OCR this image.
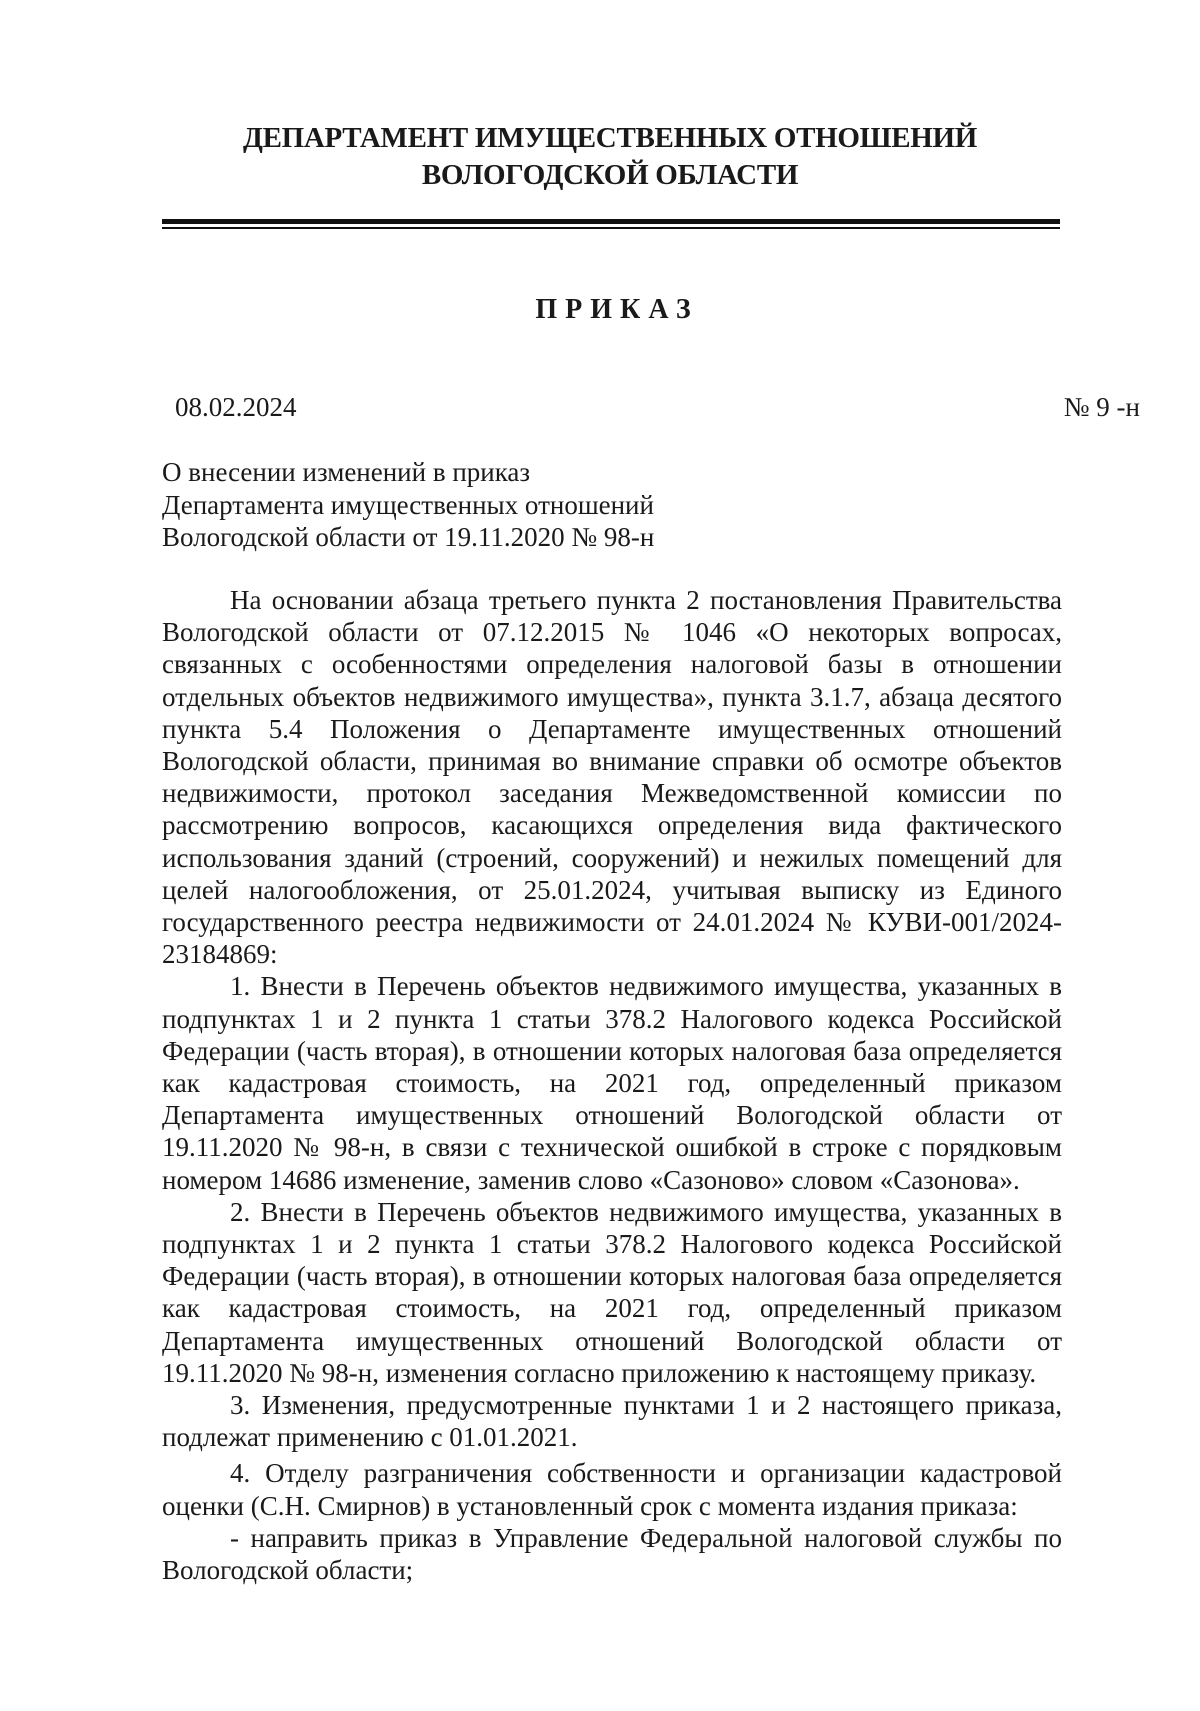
ДЕПАРТАМЕНТ ИМУЩЕСТВЕННЫХ ОТНОШЕНИЙ
ВОЛОГОДСКОЙ ОБЛАСТИ
ПРИКАЗ
08.02.2024	№ 9 -н
О внесении изменений в приказ
Департамента имущественных отношений
Вологодской области от 19.11.2020 № 98-н

На основании абзаца третьего пункта 2 постановления Правительства Вологодской области от 07.12.2015 № 1046 «О некоторых вопросах, связанных с особенностями определения налоговой базы в отношении отдельных объектов недвижимого имущества», пункта 3.1.7, абзаца десятого пункта 5.4 Положения о Департаменте имущественных отношений Вологодской области, принимая во внимание справки об осмотре объектов недвижимости, протокол заседания Межведомственной комиссии по рассмотрению вопросов, касающихся определения вида фактического использования зданий (строений, сооружений) и нежилых помещений для целей налогообложения, от 25.01.2024, учитывая выписку из Единого государственного реестра недвижимости от 24.01.2024 № КУВИ-001/2024-23184869:

1. Внести в Перечень объектов недвижимого имущества, указанных в подпунктах 1 и 2 пункта 1 статьи 378.2 Налогового кодекса Российской Федерации (часть вторая), в отношении которых налоговая база определяется как кадастровая стоимость, на 2021 год, определенный приказом Департамента имущественных отношений Вологодской области от 19.11.2020 № 98-н, в связи с технической ошибкой в строке с порядковым номером 14686 изменение, заменив слово «Сазоново» словом «Сазонова».

2. Внести в Перечень объектов недвижимого имущества, указанных в подпунктах 1 и 2 пункта 1 статьи 378.2 Налогового кодекса Российской Федерации (часть вторая), в отношении которых налоговая база определяется как кадастровая стоимость, на 2021 год, определенный приказом Департамента имущественных отношений Вологодской области от 19.11.2020 № 98-н, изменения согласно приложению к настоящему приказу.

3. Изменения, предусмотренные пунктами 1 и 2 настоящего приказа, подлежат применению с 01.01.2021.

4. Отделу разграничения собственности и организации кадастровой оценки (С.Н. Смирнов) в установленный срок с момента издания приказа:

- направить приказ в Управление Федеральной налоговой службы по Вологодской области;
